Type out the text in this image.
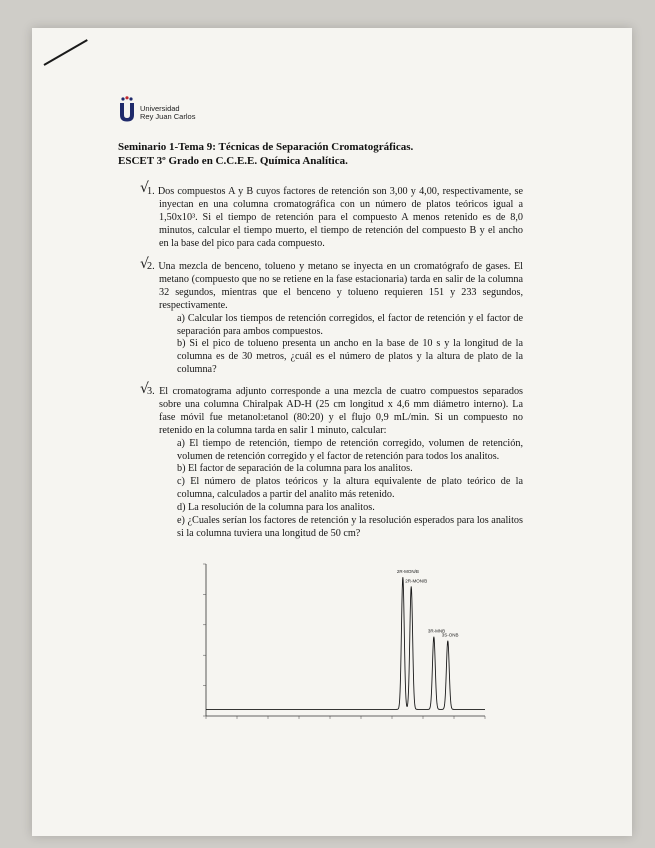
Universidad
Rey Juan Carlos
Seminario 1-Tema 9: Técnicas de Separación Cromatográficas.
ESCET 3º Grado en C.C.E.E. Química Analítica.
√

1. Dos compuestos A y B cuyos factores de retención son 3,00 y 4,00, respectivamente, se inyectan en una columna cromatográfica con un número de platos teóricos igual a 1,50x10³. Si el tiempo de retención para el compuesto A menos retenido es de 8,0 minutos, calcular el tiempo muerto, el tiempo de retención del compuesto B y el ancho en la base del pico para cada compuesto.

√

2. Una mezcla de benceno, tolueno y metano se inyecta en un cromatógrafo de gases. El metano (compuesto que no se retiene en la fase estacionaria) tarda en salir de la columna 32 segundos, mientras que el benceno y tolueno requieren 151 y 233 segundos, respectivamente.

a) Calcular los tiempos de retención corregidos, el factor de retención y el factor de separación para ambos compuestos.

b) Si el pico de tolueno presenta un ancho en la base de 10 s y la longitud de la columna es de 30 metros, ¿cuál es el número de platos y la altura de plato de la columna?

√

3. El cromatograma adjunto corresponde a una mezcla de cuatro compuestos separados sobre una columna Chiralpak AD-H (25 cm longitud x 4,6 mm diámetro interno). La fase móvil fue metanol:etanol (80:20) y el flujo 0,9 mL/min. Si un compuesto no retenido en la columna tarda en salir 1 minuto, calcular:

a) El tiempo de retención, tiempo de retención corregido, volumen de retención, volumen de retención corregido y el factor de retención para todos los analitos.

b) El factor de separación de la columna para los analitos.

c) El número de platos teóricos y la altura equivalente de plato teórico de la columna, calculados a partir del analito más retenido.

d) La resolución de la columna para los analitos.

e) ¿Cuales serían los factores de retención y la resolución esperados para los analitos si la columna tuviera una longitud de 50 cm?

2R-MON/B
2R-MON/B
3R-MNB
3S-ONB
